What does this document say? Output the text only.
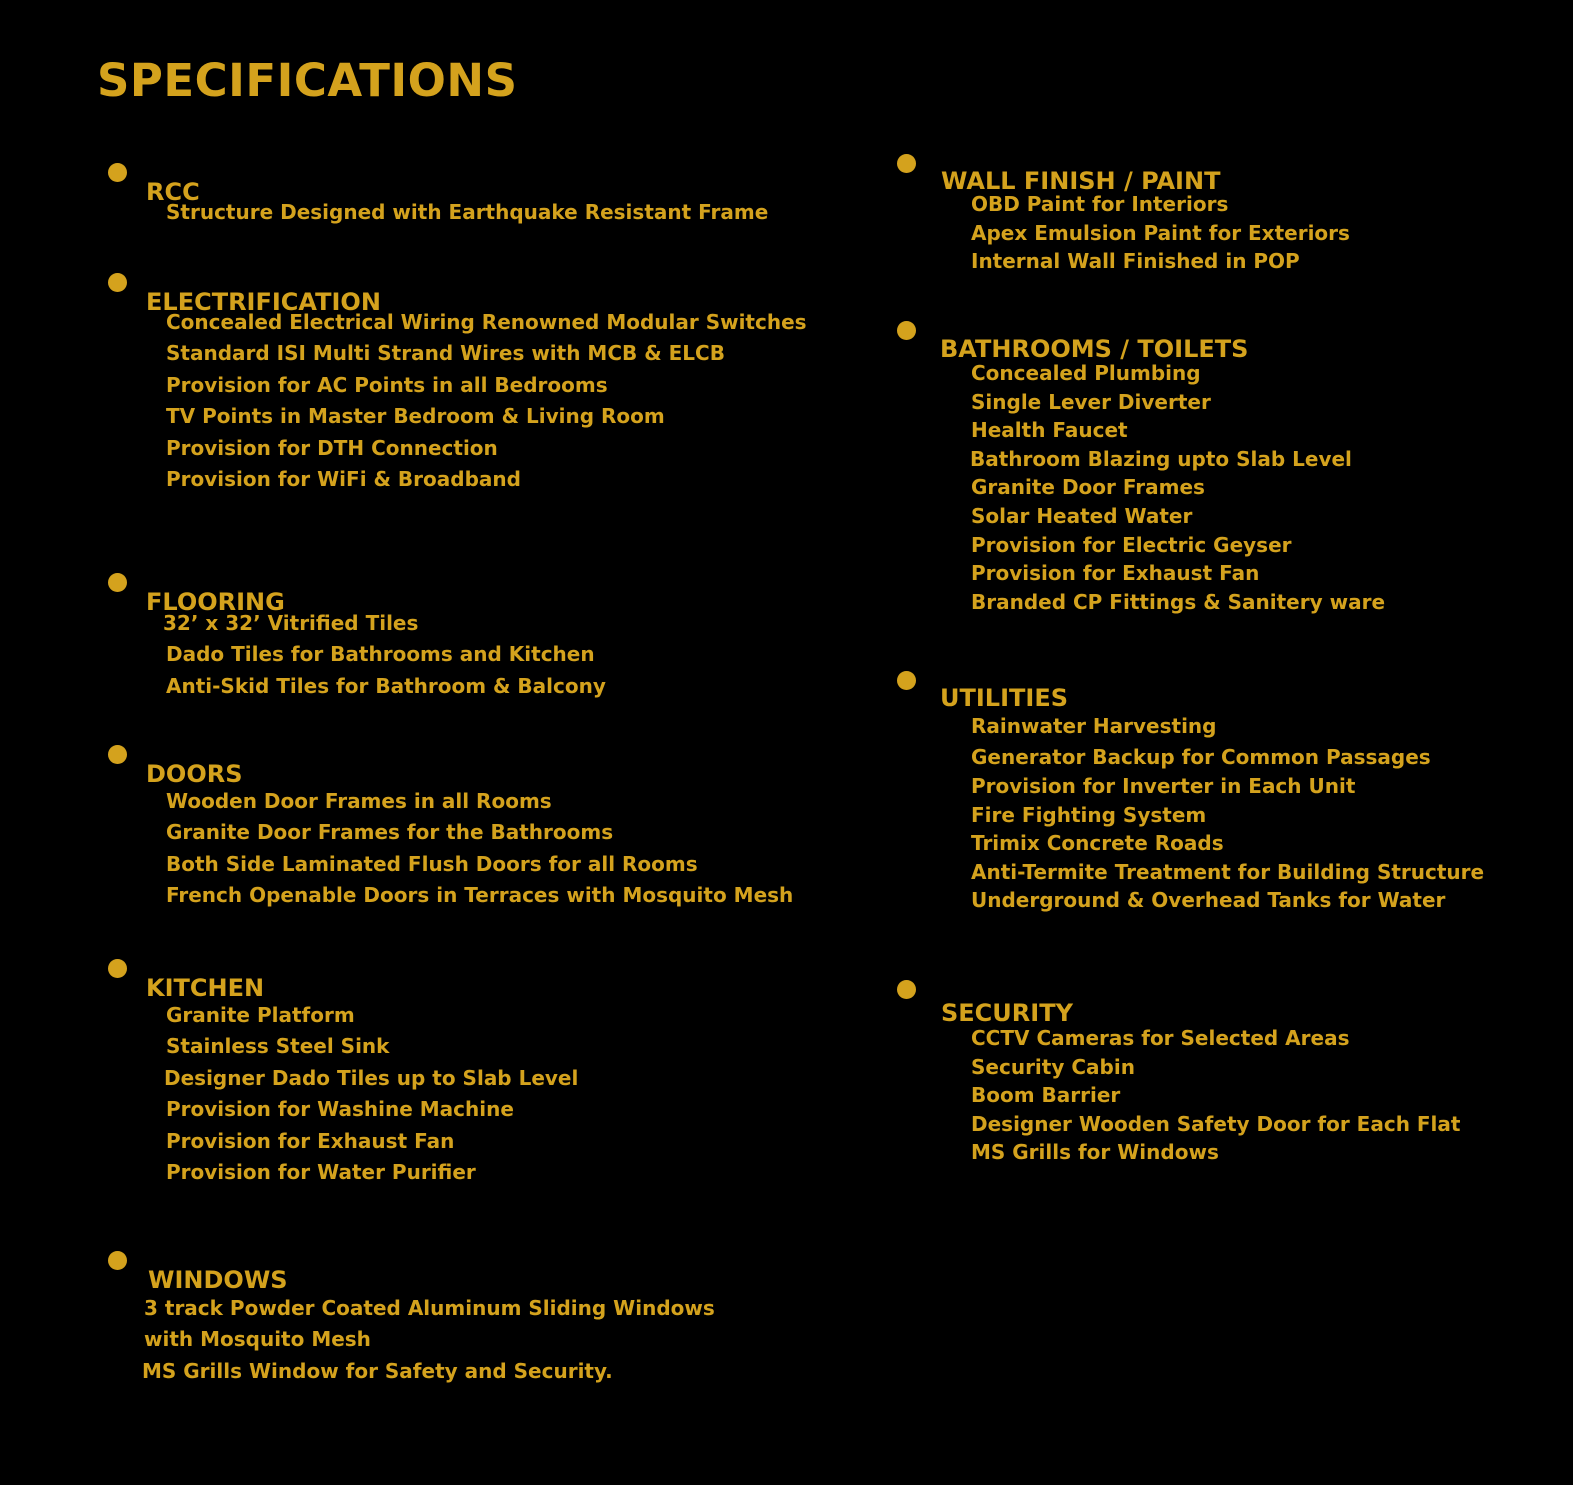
SPECIFICATIONS
RCC
Structure Designed with Earthquake Resistant Frame
ELECTRIFICATION
Concealed Electrical Wiring Renowned Modular Switches
Standard ISI Multi Strand Wires with MCB & ELCB
Provision for AC Points in all Bedrooms
TV Points in Master Bedroom & Living Room
Provision for DTH Connection
Provision for WiFi & Broadband
FLOORING
32’ x 32’ Vitrified Tiles
Dado Tiles for Bathrooms and Kitchen
Anti-Skid Tiles for Bathroom & Balcony
DOORS
Wooden Door Frames in all Rooms
Granite Door Frames for the Bathrooms
Both Side Laminated Flush Doors for all Rooms
French Openable Doors in Terraces with Mosquito Mesh
KITCHEN
Granite Platform
Stainless Steel Sink
Designer Dado Tiles up to Slab Level
Provision for Washine Machine
Provision for Exhaust Fan
Provision for Water Purifier
WINDOWS
3 track Powder Coated Aluminum Sliding Windows
with Mosquito Mesh
MS Grills Window for Safety and Security.
WALL FINISH / PAINT
OBD Paint for Interiors
Apex Emulsion Paint for Exteriors
Internal Wall Finished in POP
BATHROOMS / TOILETS
Concealed Plumbing
Single Lever Diverter
Health Faucet
Bathroom Blazing upto Slab Level
Granite Door Frames
Solar Heated Water
Provision for Electric Geyser
Provision for Exhaust Fan
Branded CP Fittings & Sanitery ware
UTILITIES
Rainwater Harvesting
Generator Backup for Common Passages
Provision for Inverter in Each Unit
Fire Fighting System
Trimix Concrete Roads
Anti-Termite Treatment for Building Structure
Underground & Overhead Tanks for Water
SECURITY
CCTV Cameras for Selected Areas
Security Cabin
Boom Barrier
Designer Wooden Safety Door for Each Flat
MS Grills for Windows
